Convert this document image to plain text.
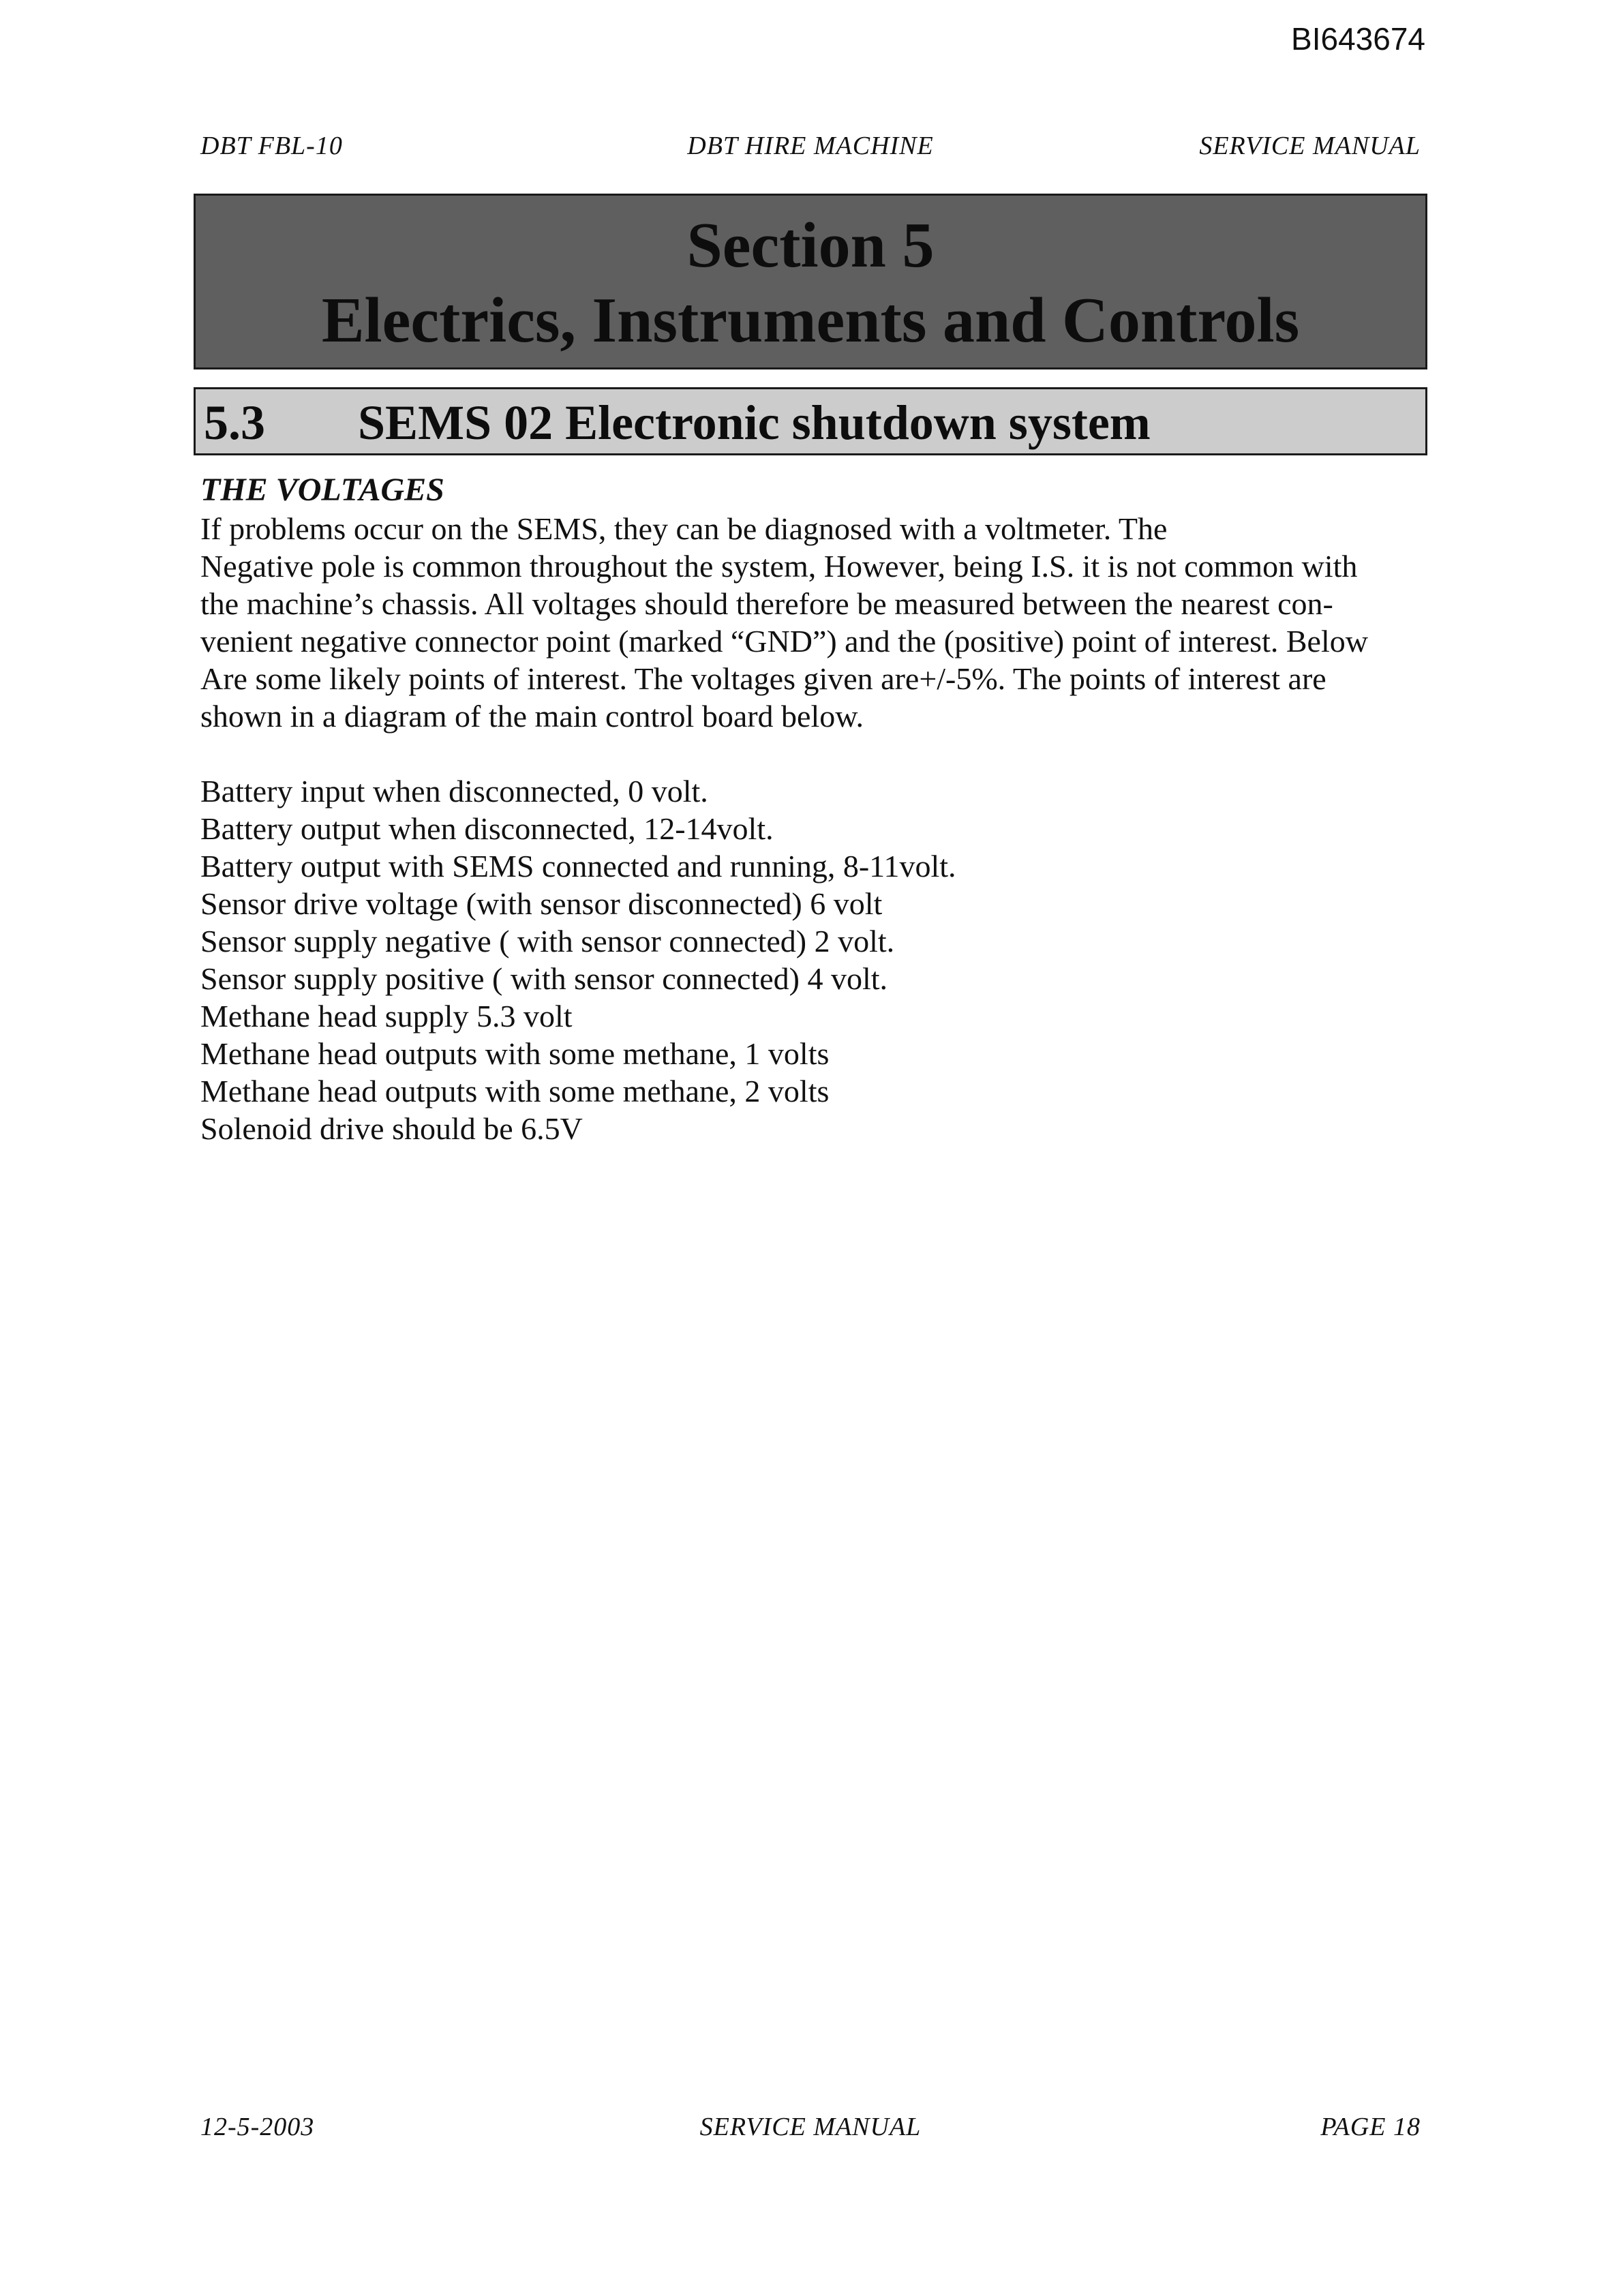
BI643674
DBT HIRE MACHINE
DBT FBL-10	SERVICE MANUAL
Section 5
Electrics, Instruments and Controls
5.3 SEMS 02 Electronic shutdown system

THE VOLTAGES

If problems occur on the SEMS, they can be diagnosed with a voltmeter. The
Negative pole is common throughout the system, However, being I.S. it is not common with
the machine’s chassis. All voltages should therefore be measured between the nearest con-
venient negative connector point (marked “GND”) and the (positive) point of interest. Below
Are some likely points of interest. The voltages given are+/-5%. The points of interest are
shown in a diagram of the main control board below.
Battery input when disconnected, 0 volt.
Battery output when disconnected, 12-14volt.
Battery output with SEMS connected and running, 8-11volt.
Sensor drive voltage (with sensor disconnected) 6 volt
Sensor supply negative ( with sensor connected) 2 volt.
Sensor supply positive ( with sensor connected) 4 volt.
Methane head supply 5.3 volt
Methane head outputs with some methane, 1 volts
Methane head outputs with some methane, 2 volts
Solenoid drive should be 6.5V
SERVICE MANUAL
12-5-2003	PAGE 18
